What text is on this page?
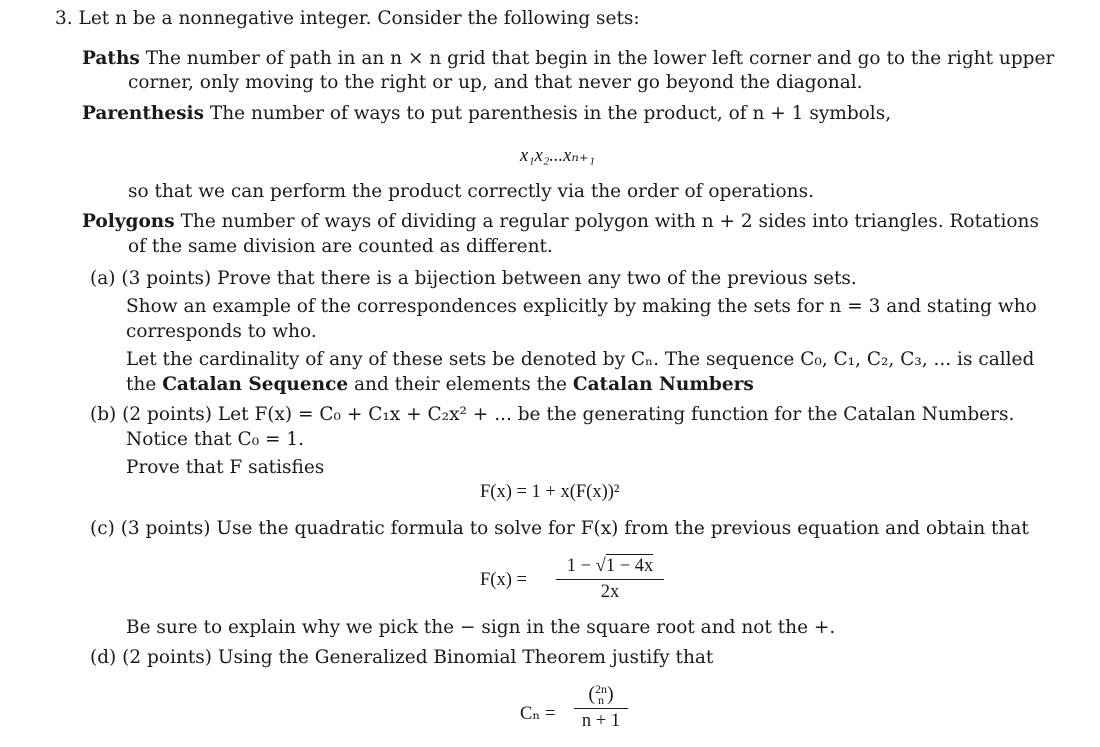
3. Let n be a nonnegative integer. Consider the following sets:
Paths The number of path in an n × n grid that begin in the lower left corner and go to the right upper
corner, only moving to the right or up, and that never go beyond the diagonal.
Parenthesis The number of ways to put parenthesis in the product, of n + 1 symbols,
x₁x₂...xₙ₊₁
so that we can perform the product correctly via the order of operations.
Polygons The number of ways of dividing a regular polygon with n + 2 sides into triangles. Rotations
of the same division are counted as different.
(a) (3 points) Prove that there is a bijection between any two of the previous sets.
Show an example of the correspondences explicitly by making the sets for n = 3 and stating who
corresponds to who.
Let the cardinality of any of these sets be denoted by Cₙ. The sequence C₀, C₁, C₂, C₃, ... is called
the Catalan Sequence and their elements the Catalan Numbers
(b) (2 points) Let F(x) = C₀ + C₁x + C₂x² + ... be the generating function for the Catalan Numbers.
Notice that C₀ = 1.
Prove that F satisfies
F(x) = 1 + x(F(x))²
(c) (3 points) Use the quadratic formula to solve for F(x) from the previous equation and obtain that
F(x) =
1 − √1 − 4x
2x
Be sure to explain why we pick the − sign in the square root and not the +.
(d) (2 points) Using the Generalized Binomial Theorem justify that
Cₙ =
( 2n
n )
n + 1
